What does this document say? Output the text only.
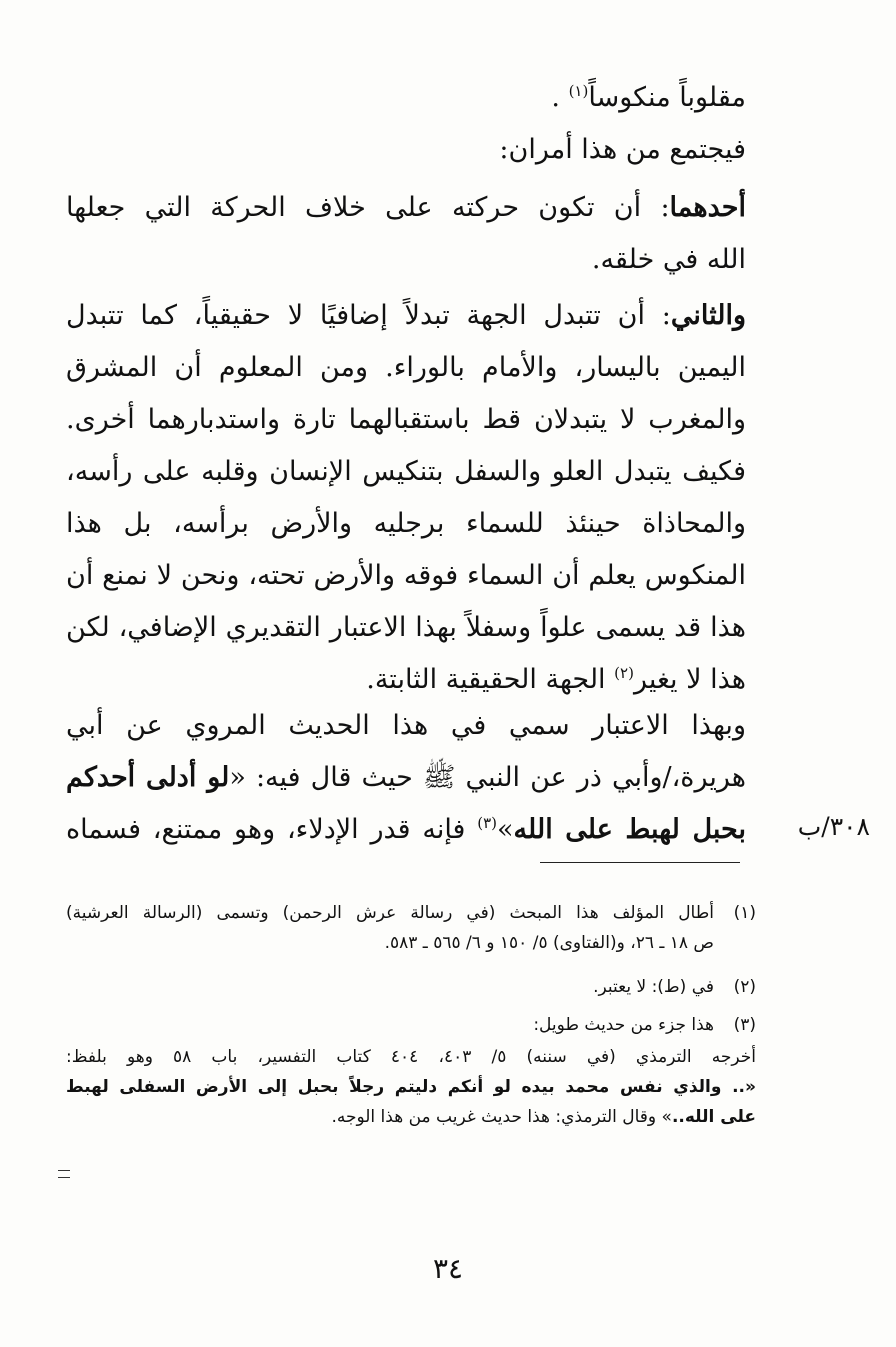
مقلوباً منكوساً$^{(١)}$ .
فيجتمع من هذا أمران:
أحدهما: أن تكون حركته على خلاف الحركة التي جعلها
الله في خلقه.
والثاني: أن تتبدل الجهة تبدلاً إضافيًا لا حقيقياً، كما تتبدل
اليمين باليسار، والأمام بالوراء. ومن المعلوم أن المشرق
والمغرب لا يتبدلان قط باستقبالهما تارة واستدبارهما أخرى.
فكيف يتبدل العلو والسفل بتنكيس الإنسان وقلبه على رأسه،
والمحاذاة حينئذ للسماء برجليه والأرض برأسه، بل هذا
المنكوس يعلم أن السماء فوقه والأرض تحته، ونحن لا نمنع أن
هذا قد يسمى علواً وسفلاً بهذا الاعتبار التقديري الإضافي، لكن
هذا لا يغير$^{(٢)}$ الجهة الحقيقية الثابتة.
وبهذا الاعتبار سمي في هذا الحديث المروي عن أبي
هريرة،/وأبي ذر عن النبي ﷺ حيث قال فيه: «لو أدلى أحدكم
بحبل لهبط على الله»$^{(٣)}$ فإنه قدر الإدلاء، وهو ممتنع، فسماه	٣٠٨/ب
(١)
أطال المؤلف هذا المبحث (في رسالة عرش الرحمن) وتسمى (الرسالة العرشية)
ص ١٨ ـ ٢٦، و(الفتاوى) ٥/ ١٥٠ و ٦/ ٥٦٥ ـ ٥٨٣.
(٢)
في (ط): لا يعتبر.
(٣)
هذا جزء من حديث طويل:
أخرجه الترمذي (في سننه) ٥/ ٤٠٣، ٤٠٤ كتاب التفسير، باب ٥٨ وهو بلفظ:
«.. والذي نفس محمد بيده لو أنكم دليتم رجلاً بحبل إلى الأرض السفلى لهبط
على الله..» وقال الترمذي: هذا حديث غريب من هذا الوجه.
٣٤
